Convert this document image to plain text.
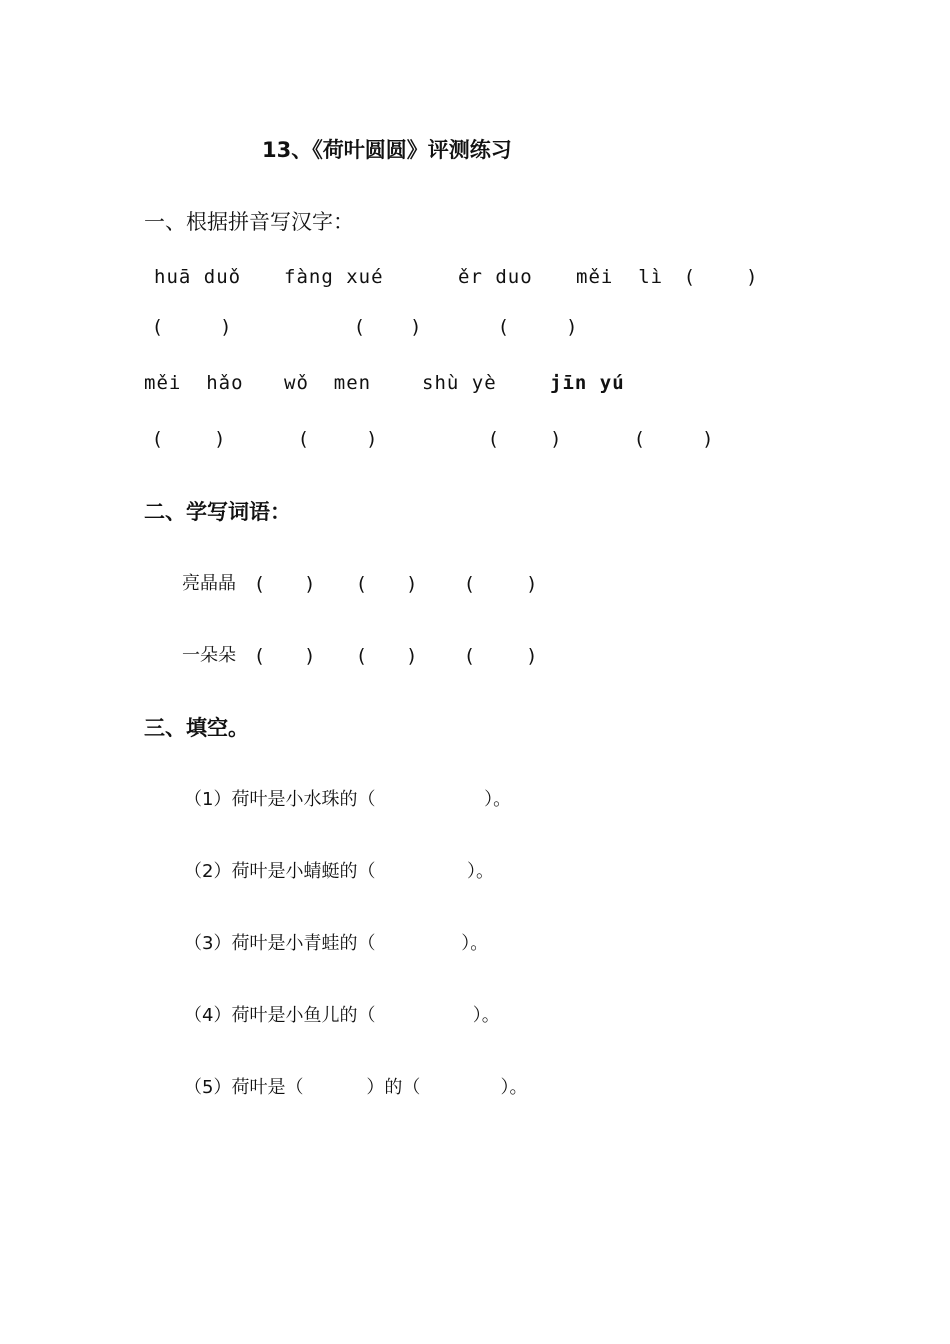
13、《荷叶圆圆》评测练习
一、根据拼音写汉字：
huā duǒ fàng xué	ěr duo měi  lì (         )
(          )	(        )	(          )
měi  hǎo wǒ  men	shù yè	jīn yú
(         )	(          )	(         )	(          )
二、学写词语：
亮晶晶 (       ) (       )	(         )
一朵朵 (       ) (       )	(         )
三、填空。
（1）荷叶是小水珠的（                   ）。
（2）荷叶是小蜻蜓的（                ）。
（3）荷叶是小青蛙的（               ）。
（4）荷叶是小鱼儿的（                 ）。
（5）荷叶是（           ）的（              ）。
